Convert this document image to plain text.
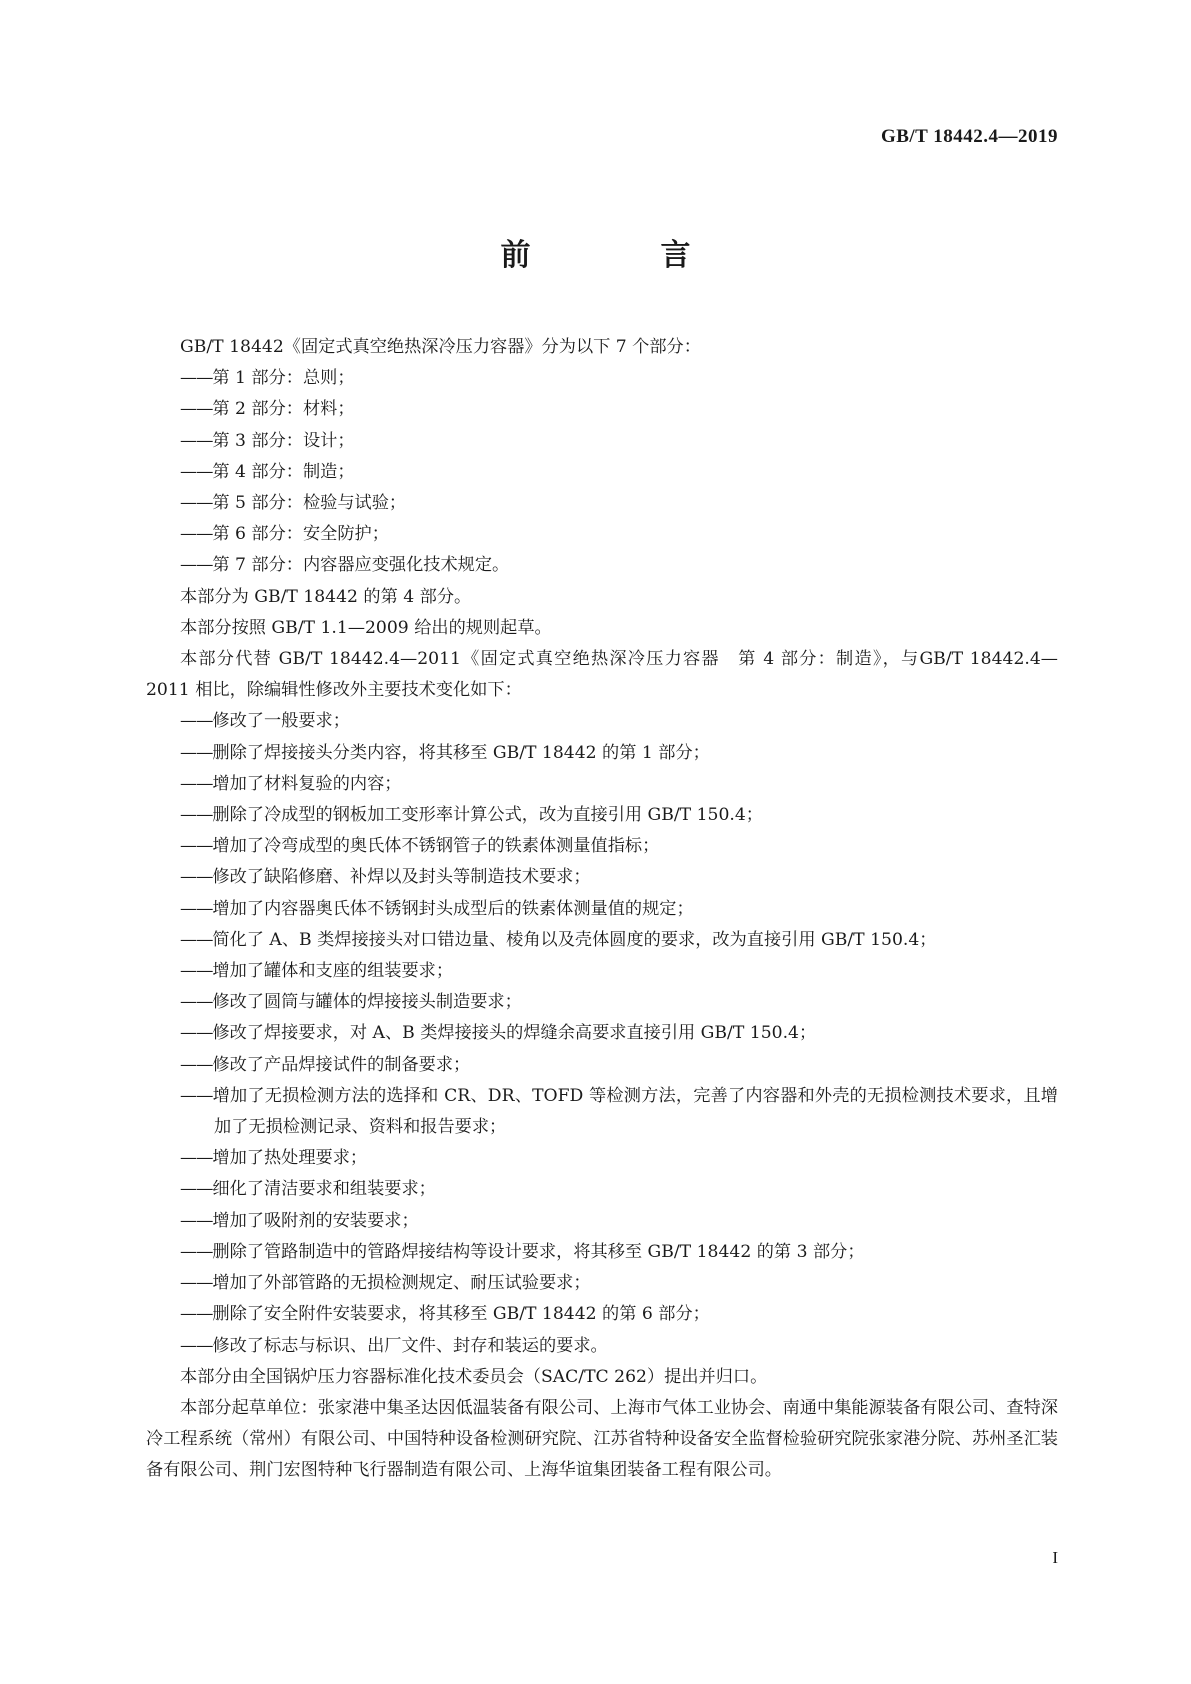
GB/T 18442.4—2019
前　言
GB/T 18442《固定式真空绝热深冷压力容器》分为以下 7 个部分：
——第 1 部分：总则；
——第 2 部分：材料；
——第 3 部分：设计；
——第 4 部分：制造；
——第 5 部分：检验与试验；
——第 6 部分：安全防护；
——第 7 部分：内容器应变强化技术规定。
本部分为 GB/T 18442 的第 4 部分。
本部分按照 GB/T 1.1—2009 给出的规则起草。
本部分代替 GB/T 18442.4—2011《固定式真空绝热深冷压力容器　第 4 部分：制造》，与GB/T 18442.4—2011 相比，除编辑性修改外主要技术变化如下：
——修改了一般要求；
——删除了焊接接头分类内容，将其移至 GB/T 18442 的第 1 部分；
——增加了材料复验的内容；
——删除了冷成型的钢板加工变形率计算公式，改为直接引用 GB/T 150.4；
——增加了冷弯成型的奥氏体不锈钢管子的铁素体测量值指标；
——修改了缺陷修磨、补焊以及封头等制造技术要求；
——增加了内容器奥氏体不锈钢封头成型后的铁素体测量值的规定；
——简化了 A、B 类焊接接头对口错边量、棱角以及壳体圆度的要求，改为直接引用 GB/T 150.4；
——增加了罐体和支座的组装要求；
——修改了圆筒与罐体的焊接接头制造要求；
——修改了焊接要求，对 A、B 类焊接接头的焊缝余高要求直接引用 GB/T 150.4；
——修改了产品焊接试件的制备要求；
——增加了无损检测方法的选择和 CR、DR、TOFD 等检测方法，完善了内容器和外壳的无损检测技术要求，且增加了无损检测记录、资料和报告要求；
——增加了热处理要求；
——细化了清洁要求和组装要求；
——增加了吸附剂的安装要求；
——删除了管路制造中的管路焊接结构等设计要求，将其移至 GB/T 18442 的第 3 部分；
——增加了外部管路的无损检测规定、耐压试验要求；
——删除了安全附件安装要求，将其移至 GB/T 18442 的第 6 部分；
——修改了标志与标识、出厂文件、封存和装运的要求。
本部分由全国锅炉压力容器标准化技术委员会（SAC/TC 262）提出并归口。
本部分起草单位：张家港中集圣达因低温装备有限公司、上海市气体工业协会、南通中集能源装备有限公司、查特深冷工程系统（常州）有限公司、中国特种设备检测研究院、江苏省特种设备安全监督检验研究院张家港分院、苏州圣汇装备有限公司、荆门宏图特种飞行器制造有限公司、上海华谊集团装备工程有限公司。
I
